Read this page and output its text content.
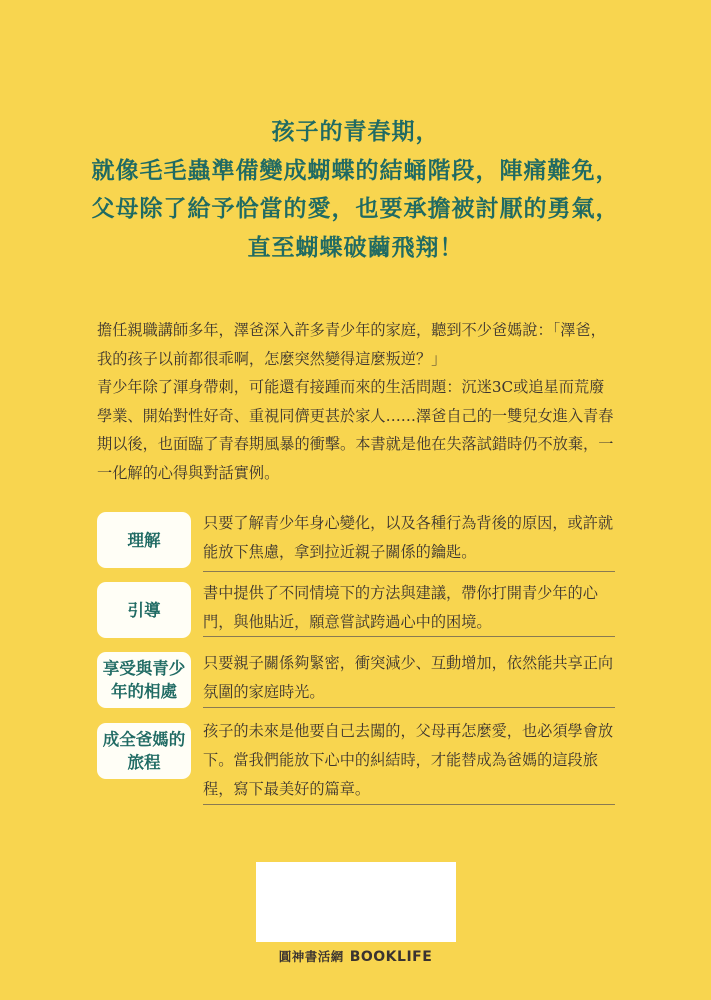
孩子的青春期，
就像毛毛蟲準備變成蝴蝶的結蛹階段，陣痛難免，
父母除了給予恰當的愛，也要承擔被討厭的勇氣，
直至蝴蝶破繭飛翔！

擔任親職講師多年，澤爸深入許多青少年的家庭，聽到不少爸媽說：「澤爸，我的孩子以前都很乖啊，怎麼突然變得這麼叛逆？」

青少年除了渾身帶刺，可能還有接踵而來的生活問題：沉迷3C或追星而荒廢學業、開始對性好奇、重視同儕更甚於家人……澤爸自己的一雙兒女進入青春期以後，也面臨了青春期風暴的衝擊。本書就是他在失落試錯時仍不放棄，一一化解的心得與對話實例。

理解
只要了解青少年身心變化，以及各種行為背後的原因，或許就能放下焦慮，拿到拉近親子關係的鑰匙。
引導
書中提供了不同情境下的方法與建議，帶你打開青少年的心門，與他貼近，願意嘗試跨過心中的困境。
享受與青少年的相處
只要親子關係夠緊密，衝突減少、互動增加，依然能共享正向氛圍的家庭時光。
成全爸媽的旅程
孩子的未來是他要自己去闖的，父母再怎麼愛，也必須學會放下。當我們能放下心中的糾結時，才能替成為爸媽的這段旅程，寫下最美好的篇章。
圓神書活網 BOOKLIFE
